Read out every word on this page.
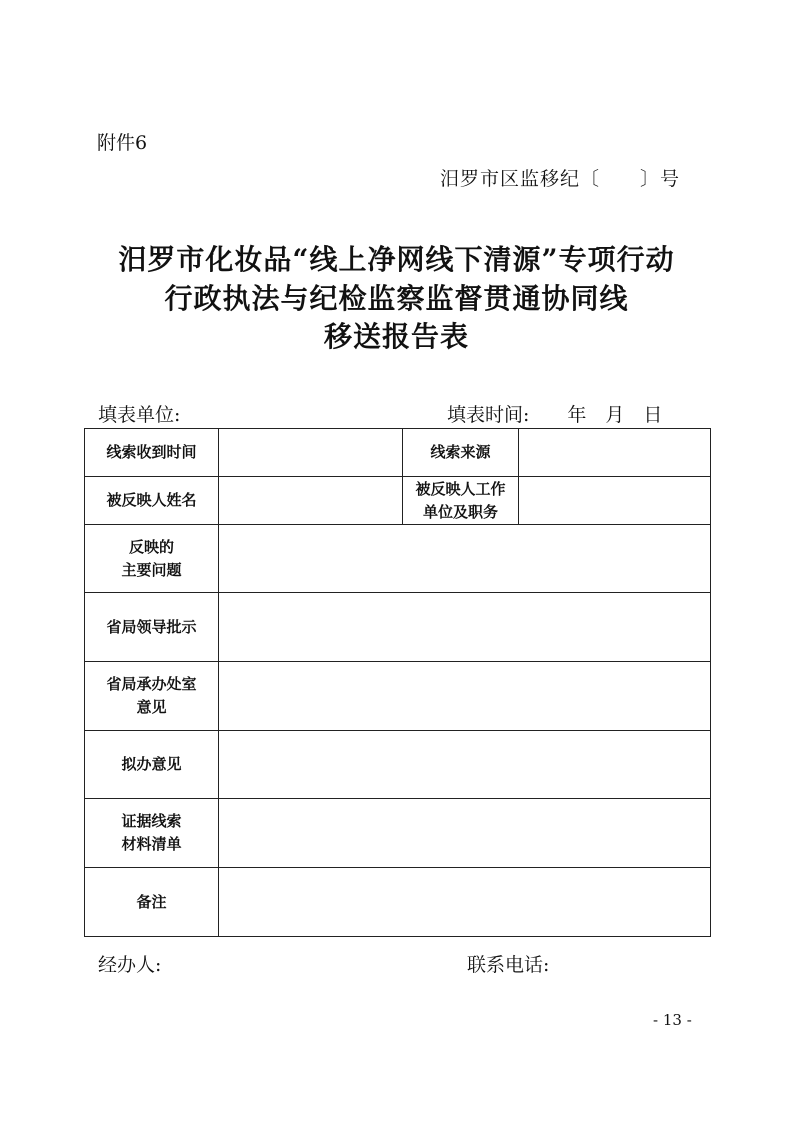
附件6
汨罗市区监移纪〔　　〕号
汨罗市化妆品“线上净网线下清源”专项行动
行政执法与纪检监察监督贯通协同线
移送报告表
填表单位:	填表时间:　　年　月　日
线索收到时间		线索来源	
被反映人姓名		被反映人工作
单位及职务	

反映的
主要问题			

省局领导批示			

省局承办处室
意见			

拟办意见			

证据线索
材料清单			

备注			
经办人:	联系电话:
- 13 -
